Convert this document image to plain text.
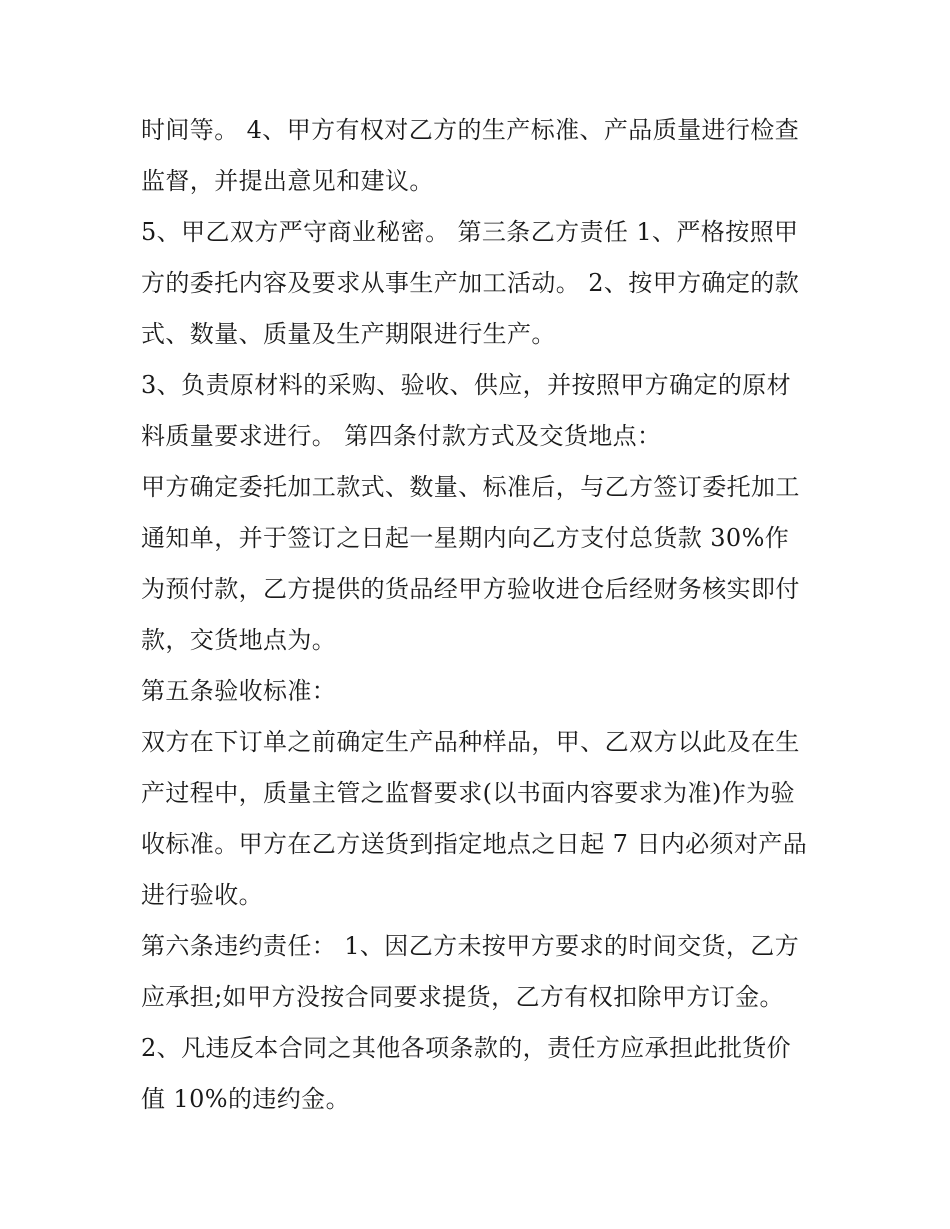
时间等。 4、甲方有权对乙方的生产标准、产品质量进行检查
监督，并提出意见和建议。

5、甲乙双方严守商业秘密。 第三条乙方责任 1、严格按照甲
方的委托内容及要求从事生产加工活动。 2、按甲方确定的款
式、数量、质量及生产期限进行生产。

3、负责原材料的采购、验收、供应，并按照甲方确定的原材
料质量要求进行。 第四条付款方式及交货地点：

甲方确定委托加工款式、数量、标准后，与乙方签订委托加工
通知单，并于签订之日起一星期内向乙方支付总货款 30%作
为预付款，乙方提供的货品经甲方验收进仓后经财务核实即付
款，交货地点为。

第五条验收标准：

双方在下订单之前确定生产品种样品，甲、乙双方以此及在生
产过程中，质量主管之监督要求(以书面内容要求为准)作为验
收标准。甲方在乙方送货到指定地点之日起 7 日内必须对产品
进行验收。

第六条违约责任： 1、因乙方未按甲方要求的时间交货，乙方
应承担;如甲方没按合同要求提货，乙方有权扣除甲方订金。

2、凡违反本合同之其他各项条款的，责任方应承担此批货价
值 10%的违约金。
